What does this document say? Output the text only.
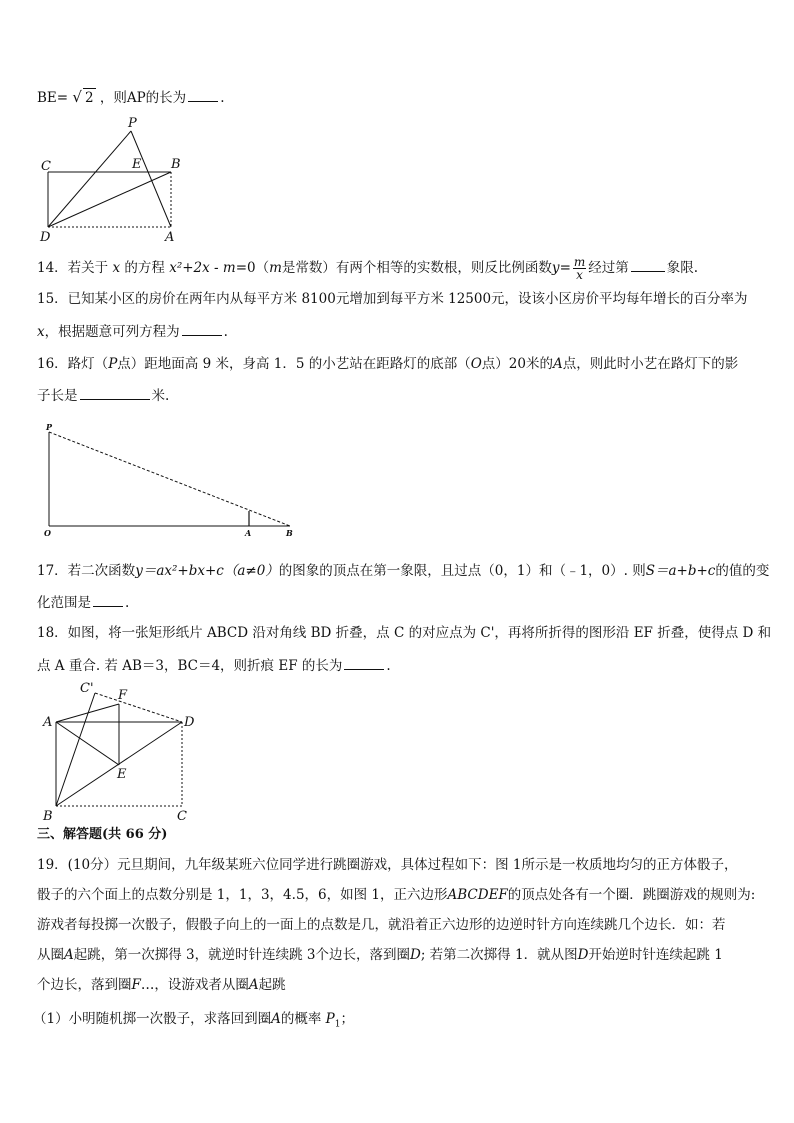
BE= √ 2 ，则AP的长为	.
P
C	E B
D	A
14．若关于 x 的方程 x²+2x - m=0（m是常数）有两个相等的实数根，则反比例函数$y= \frac{m}{x}$ 经过第	象限.
15．已知某小区的房价在两年内从每平方米 8100元增加到每平方米 12500元，设该小区房价平均每年增长的百分率为
x，根据题意可列方程为	.
16．路灯（P点）距地面高 9 米，身高 1．5 的小艺站在距路灯的底部（O点）20米的A点，则此时小艺在路灯下的影
子长是	米.
P
O	A	B
17．若二次函数y＝ax²+bx+c（a≠0）的图象的顶点在第一象限，且过点（0，1）和（﹣1，0）. 则S＝a+b+c的值的变
化范围是	.
18．如图，将一张矩形纸片 ABCD 沿对角线 BD 折叠，点 C 的对应点为 C'，再将所折得的图形沿 EF 折叠，使得点 D 和
点 A 重合. 若 AB＝3，BC＝4，则折痕 EF 的长为	.
C' F
A	D
E
B	C
三、解答题(共 66 分)
19．(10分）元旦期间，九年级某班六位同学进行跳圈游戏，具体过程如下：图 1所示是一枚质地均匀的正方体骰子，
骰子的六个面上的点数分别是 1，1，3，4.5，6，如图 1，正六边形ABCDEF的顶点处各有一个圈．跳圈游戏的规则为:
游戏者每投掷一次骰子，假骰子向上的一面上的点数是几，就沿着正六边形的边逆时针方向连续跳几个边长．如：若
从圈A起跳，第一次掷得 3，就逆时针连续跳 3个边长，落到圈D; 若第二次掷得 1．就从图D开始逆时针连续起跳 1
个边长，落到圈F…，设游戏者从圈A起跳
（1）小明随机掷一次骰子，求落回到圈A的概率 $P_1$；
